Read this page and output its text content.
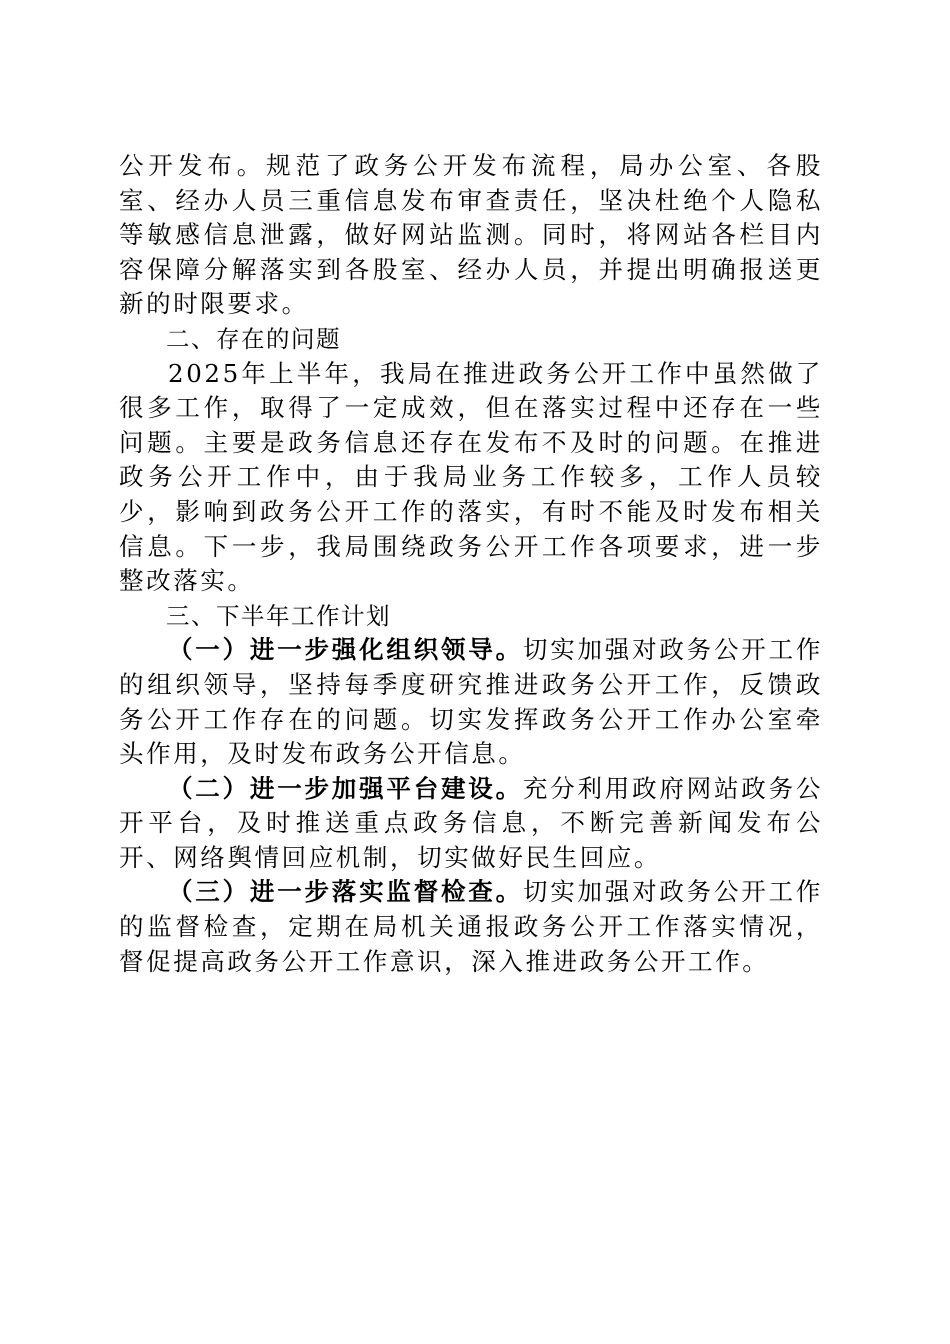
公开发布。规范了政务公开发布流程，局办公室、各股室、经办人员三重信息发布审查责任，坚决杜绝个人隐私等敏感信息泄露，做好网站监测。同时，将网站各栏目内容保障分解落实到各股室、经办人员，并提出明确报送更新的时限要求。

二、存在的问题

2025年上半年，我局在推进政务公开工作中虽然做了很多工作，取得了一定成效，但在落实过程中还存在一些问题。主要是政务信息还存在发布不及时的问题。在推进政务公开工作中，由于我局业务工作较多，工作人员较少，影响到政务公开工作的落实，有时不能及时发布相关信息。下一步，我局围绕政务公开工作各项要求，进一步整改落实。

三、下半年工作计划

（一）进一步强化组织领导。切实加强对政务公开工作的组织领导，坚持每季度研究推进政务公开工作，反馈政务公开工作存在的问题。切实发挥政务公开工作办公室牵头作用，及时发布政务公开信息。

（二）进一步加强平台建设。充分利用政府网站政务公开平台，及时推送重点政务信息，不断完善新闻发布公开、网络舆情回应机制，切实做好民生回应。

（三）进一步落实监督检查。切实加强对政务公开工作的监督检查，定期在局机关通报政务公开工作落实情况，督促提高政务公开工作意识，深入推进政务公开工作。
